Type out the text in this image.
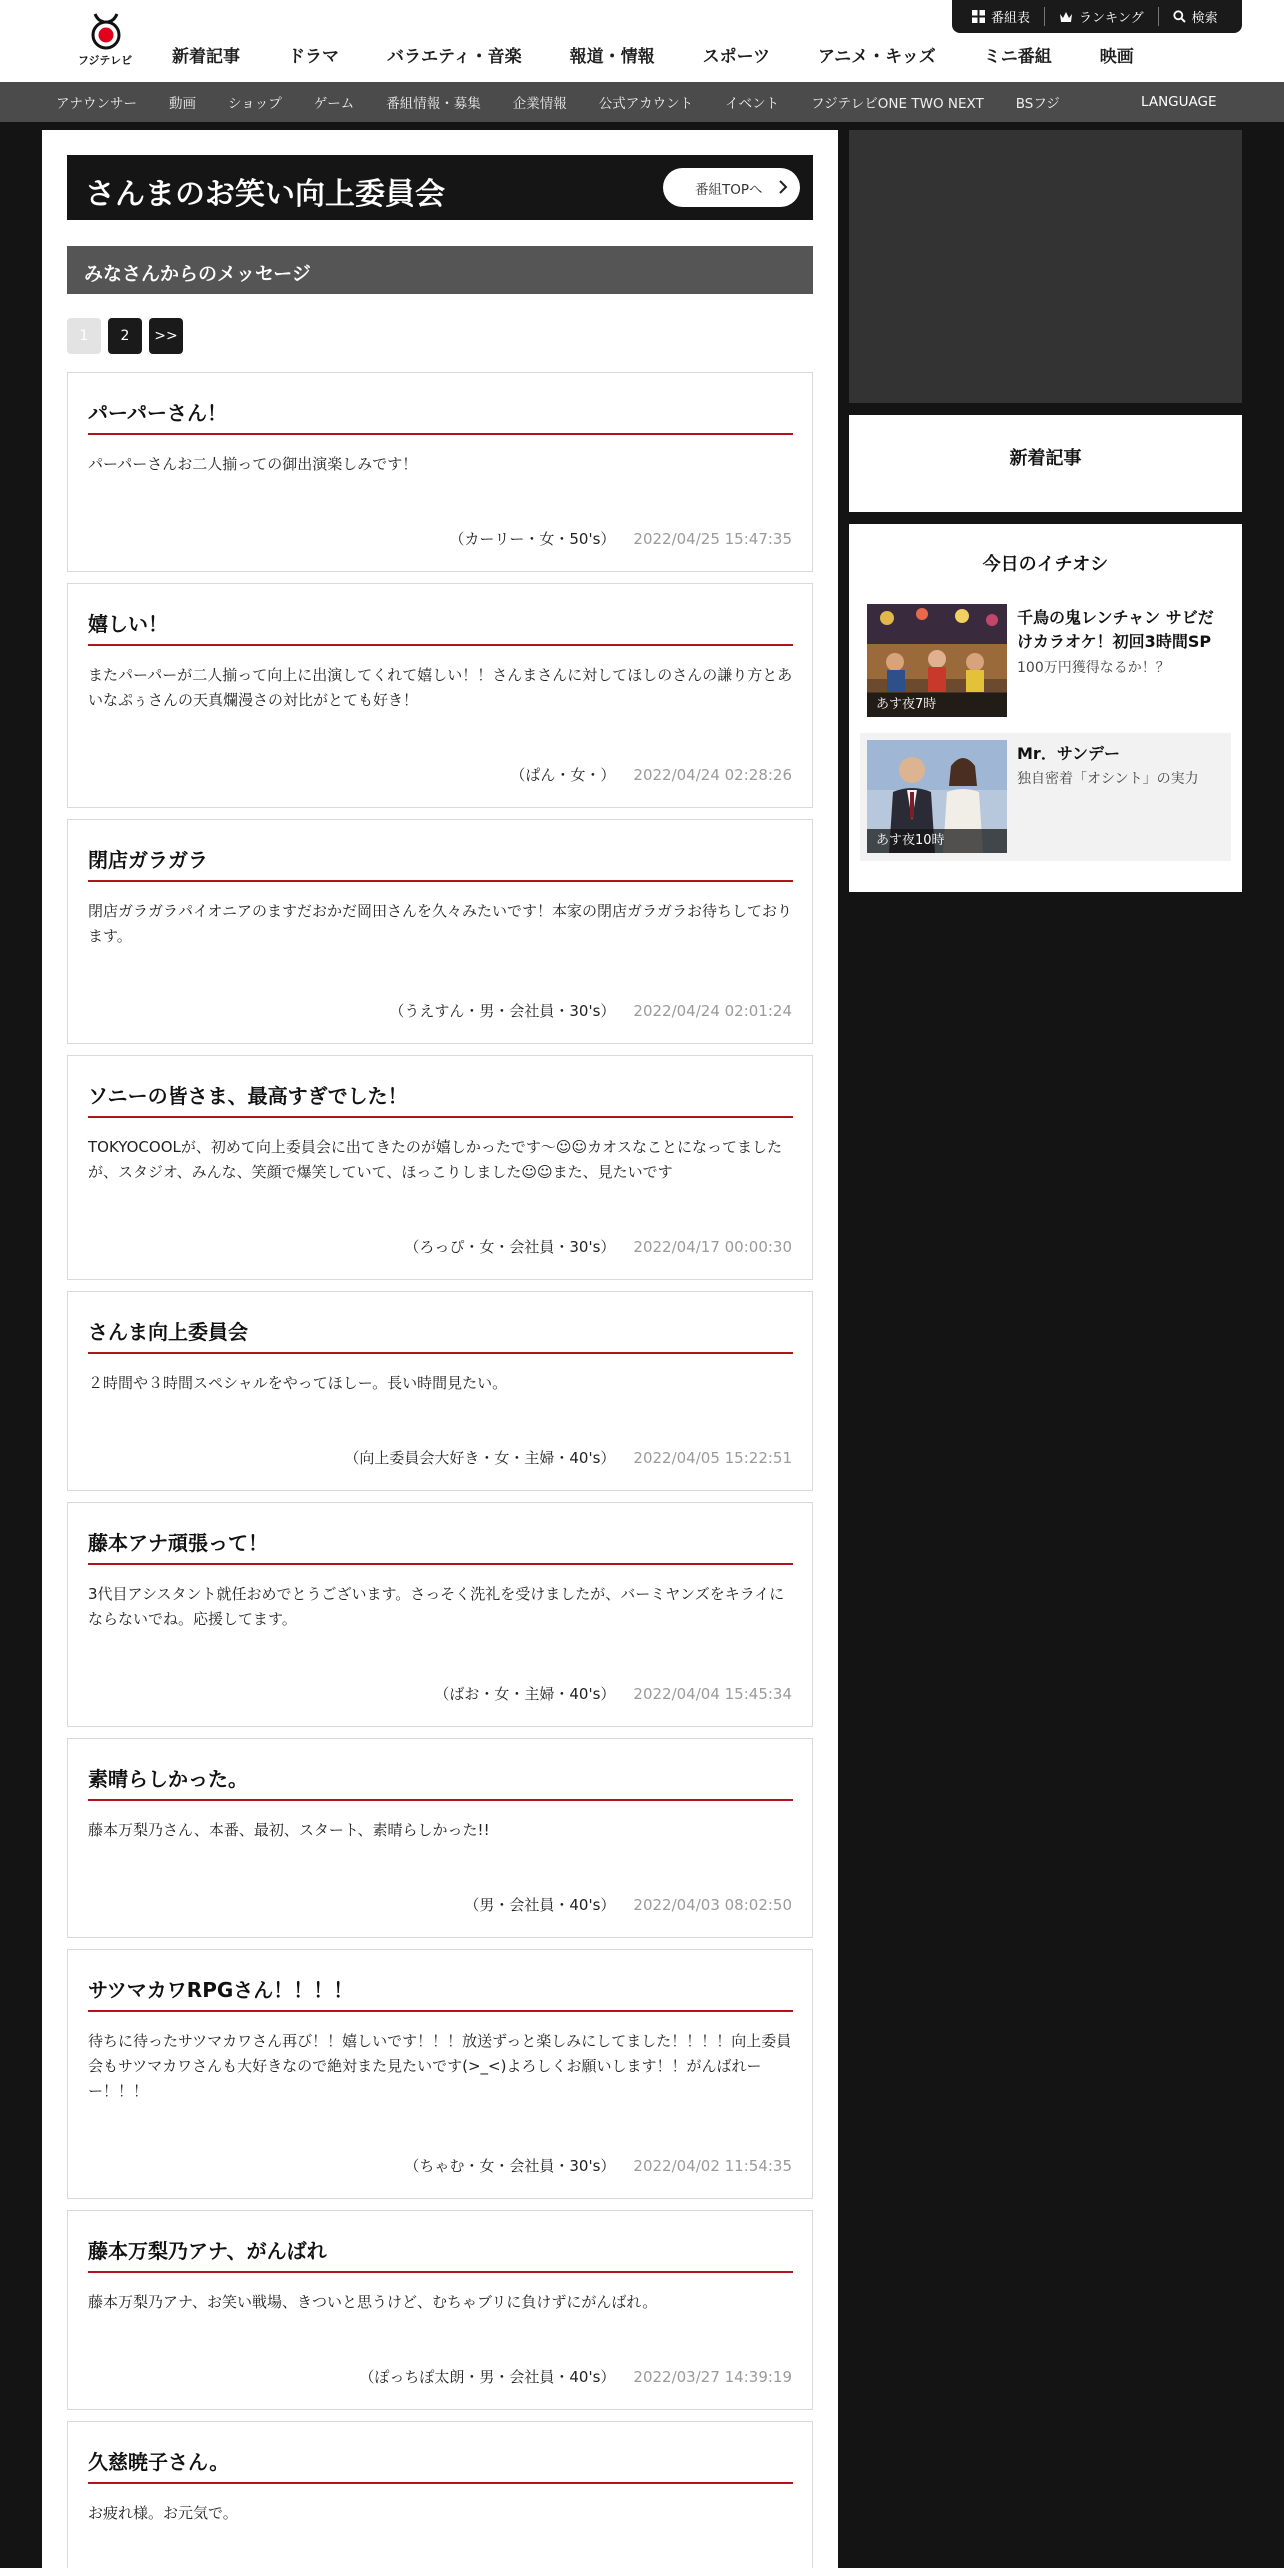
フジテレビ	新着記事	ドラマ	バラエティ・音楽	報道・情報	スポーツ	アニメ・キッズ	ミニ番組	映画
番組表	ランキング	検索
アナウンサー 動画 ショップ ゲーム 番組情報・募集 企業情報 公式アカウント イベント フジテレビONE TWO NEXT BSフジ	LANGUAGE
さんまのお笑い向上委員会	番組TOPへ
みなさんからのメッセージ
1	2	>>
パーパーさん！
パーパーさんお二人揃っての御出演楽しみです！
（カーリー・女・50's） 2022/04/25 15:47:35
嬉しい！
またパーパーが二人揃って向上に出演してくれて嬉しい！！さんまさんに対してほしのさんの謙り方とあいなぷぅさんの天真爛漫さの対比がとても好き！
（ぱん・女・） 2022/04/24 02:28:26
閉店ガラガラ
閉店ガラガラパイオニアのますだおかだ岡田さんを久々みたいです！本家の閉店ガラガラお待ちしております。
（うえすん・男・会社員・30's） 2022/04/24 02:01:24
ソニーの皆さま、最高すぎでした！
TOKYOCOOLが、初めて向上委員会に出てきたのが嬉しかったです〜☺☺カオスなことになってましたが、スタジオ、みんな、笑顔で爆笑していて、ほっこりしました☺☺また、見たいです
（ろっぴ・女・会社員・30's） 2022/04/17 00:00:30
さんま向上委員会
２時間や３時間スペシャルをやってほしー。長い時間見たい。
（向上委員会大好き・女・主婦・40's） 2022/04/05 15:22:51
藤本アナ頑張って！
3代目アシスタント就任おめでとうございます。さっそく洗礼を受けましたが、バーミヤンズをキライにならないでね。応援してます。
（ばお・女・主婦・40's） 2022/04/04 15:45:34
素晴らしかった。
藤本万梨乃さん、本番、最初、スタート、素晴らしかった!!
（男・会社員・40's） 2022/04/03 08:02:50
サツマカワRPGさん！！！！
待ちに待ったサツマカワさん再び！！嬉しいです！！！放送ずっと楽しみにしてました！！！！向上委員会もサツマカワさんも大好きなので絶対また見たいです(>_<)よろしくお願いします！！がんばれーー！！！
（ちゃむ・女・会社員・30's） 2022/04/02 11:54:35
藤本万梨乃アナ、がんばれ
藤本万梨乃アナ、お笑い戦場、きついと思うけど、むちゃブリに負けずにがんばれ。
（ぽっちぽ太朗・男・会社員・40's） 2022/03/27 14:39:19
久慈暁子さん。
お疲れ様。お元気で。
新着記事
今日のイチオシ
あす夜7時
千鳥の鬼レンチャン サビだけカラオケ！初回3時間SP
100万円獲得なるか！？
あす夜10時
Mr．サンデー
独自密着「オシント」の実力
